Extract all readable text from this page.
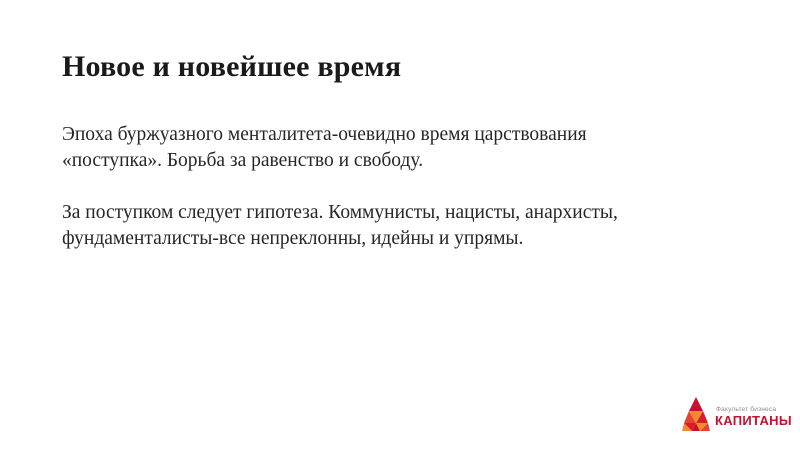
Новое и новейшее время

Эпоха буржуазного менталитета-очевидно время царствования
«поступка». Борьба за равенство и свободу.

За поступком следует гипотеза. Коммунисты, нацисты, анархисты,
фундаменталисты-все непреклонны, идейны и упрямы.

Факультет бизнеса
КАПИТАНЫ
